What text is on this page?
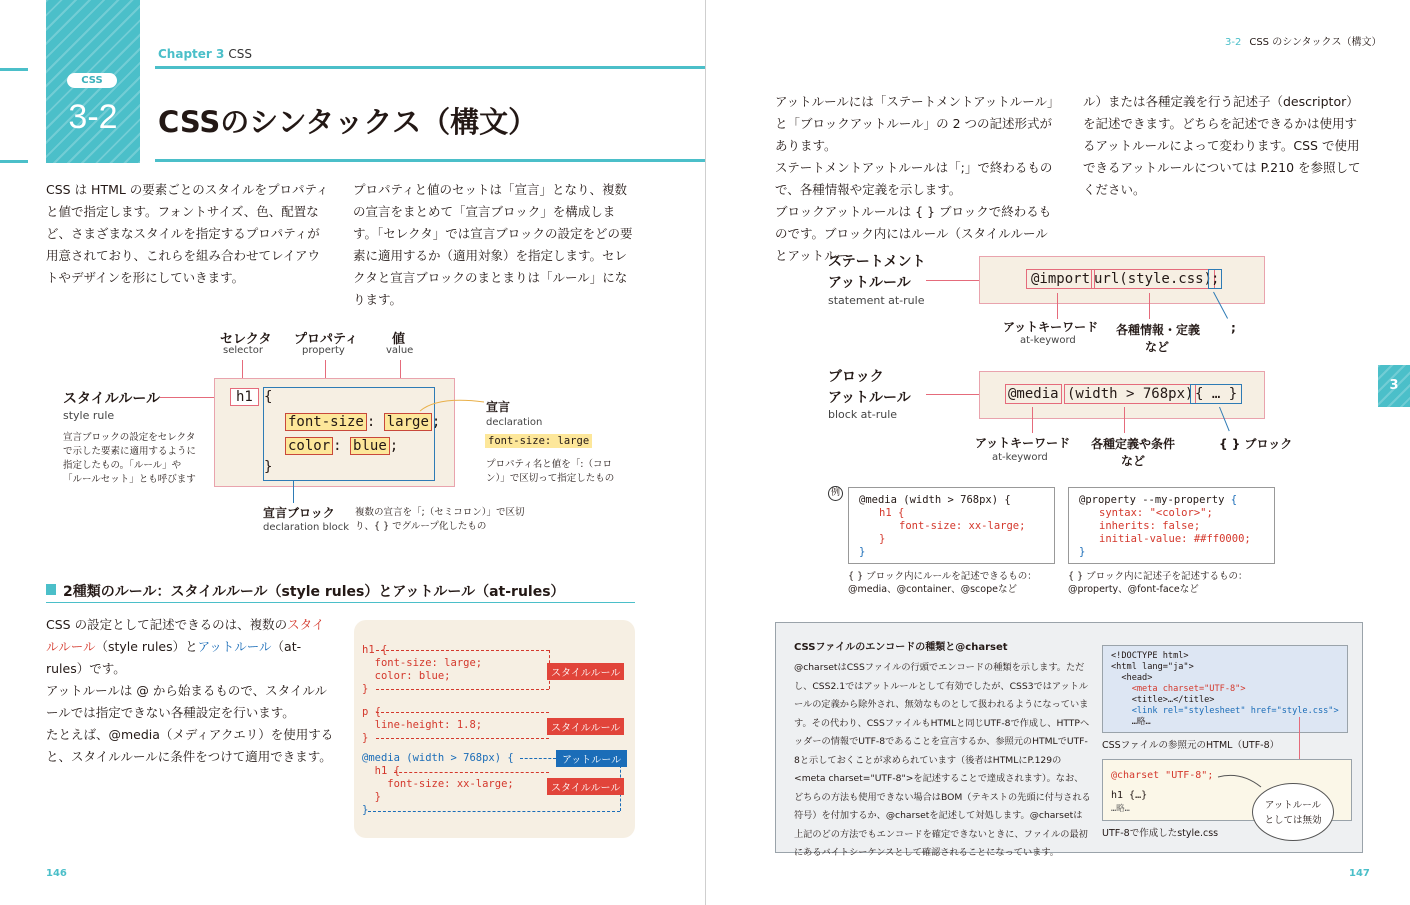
CSS
3-2
Chapter 3 CSS
CSSのシンタックス（構文）

CSS は HTML の要素ごとのスタイルをプロパティと値で指定します。フォントサイズ、色、配置など、さまざまなスタイルを指定するプロパティが用意されており、これらを組み合わせてレイアウトやデザインを形にしていきます。

プロパティと値のセットは「宣言」となり、複数の宣言をまとめて「宣言ブロック」を構成します。「セレクタ」では宣言ブロックの設定をどの要素に適用するか（適用対象）を指定します。セレクタと宣言ブロックのまとまりは「ルール」になります。

セレクタ
selector
プロパティ
property
値
value
h1 {
font-size : large ;
color : blue ;
}
スタイルルール
style rule
宣言ブロックの設定をセレクタで示した要素に適用するように指定したもの。「ルール」や「ルールセット」とも呼びます
宣言
declaration
font-size: large
プロパティ名と値を「:（コロン）」で区切って指定したもの
宣言ブロック
declaration block
複数の宣言を「;（セミコロン）」で区切り、{ } でグループ化したもの
2種類のルール：スタイルルール（style rules）とアットルール（at-rules）

CSS の設定として記述できるのは、複数のスタイルルール（style rules）とアットルール（at-rules）です。

アットルールは @ から始まるもので、スタイルルールでは指定できない各種設定を行います。

たとえば、@media（メディアクエリ）を使用すると、スタイルルールに条件をつけて適用できます。

h1 {
font-size: large;
color: blue;
}
p {
line-height: 1.8;
}
@media (width > 768px) {
h1 {
font-size: xx-large;
}
}
スタイルルール
スタイルルール
アットルール
スタイルルール
146
3-2 CSS のシンタックス（構文）

アットルールには「ステートメントアットルール」と「ブロックアットルール」の 2 つの記述形式があります。
ステートメントアットルールは「;」で終わるもので、各種情報や定義を示します。
ブロックアットルールは { } ブロックで終わるものです。ブロック内にはルール（スタイルルールとアットルー

ル）または各種定義を行う記述子（descriptor）を記述できます。どちらを記述できるかは使用するアットルールによって変わります。CSS で使用できるアットルールについては P.210 を参照してください。

ステートメント
アットルール
statement at-rule
@import url(style.css)
;
アットキーワード
at-keyword
各種情報・定義
など
;
ブロック
アットルール
block at-rule
@media (width > 768px) { … }
アットキーワード
at-keyword
各種定義や条件
など
{ } ブロック
例
@media (width > 768px) {
h1 {
font-size: xx-large;
}
}
{ } ブロック内にルールを記述できるもの：
@media、@container、@scopeなど
@property --my-property {
syntax: "<color>";
inherits: false;
initial-value: ##ff0000;
}
{ } ブロック内に記述子を記述するもの：
@property、@font-faceなど
CSSファイルのエンコードの種類と@charset
@charsetはCSSファイルの行頭でエンコードの種類を示します。ただし、CSS2.1ではアットルールとして有効でしたが、CSS3ではアットルールの定義から除外され、無効なものとして扱われるようになっています。その代わり、CSSファイルもHTMLと同じUTF-8で作成し、HTTPヘッダーの情報でUTF-8であることを宣言するか、参照元のHTMLでUTF-8と示しておくことが求められています（後者はHTMLにP.129の<meta charset="UTF-8">を記述することで達成されます）。なお、どちらの方法も使用できない場合はBOM（テキストの先頭に付与される符号）を付加するか、@charsetを記述して対処します。@charsetは上記のどの方法でもエンコードを確定できないときに、ファイルの最初にあるバイトシーケンスとして確認されることになっています。
<!DOCTYPE html>
<html lang="ja">
<head>
<meta charset="UTF-8">
<title>…</title>
<link rel="stylesheet" href="style.css">
…略…
CSSファイルの参照元のHTML（UTF-8）
@charset "UTF-8";
h1 {…}
…略…
UTF-8で作成したstyle.css
アットルール
としては無効
3
147
